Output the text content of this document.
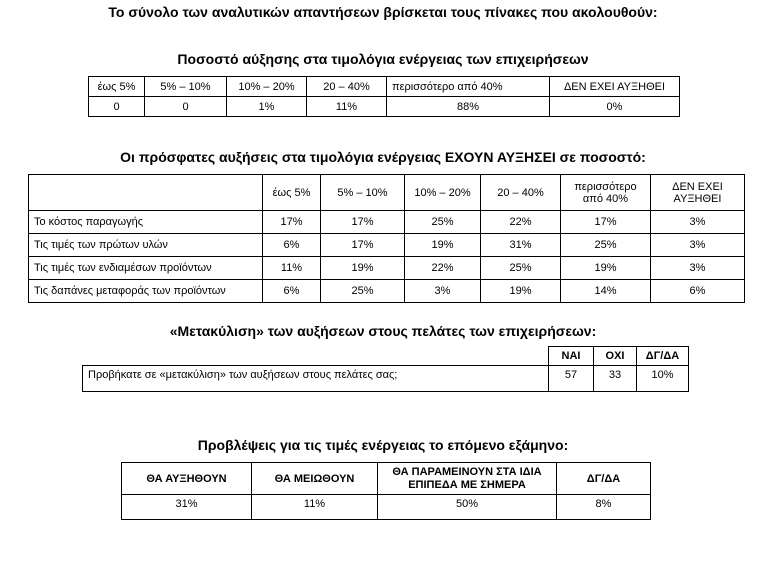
Το σύνολο των αναλυτικών απαντήσεων βρίσκεται τους πίνακες που ακολουθούν:
Ποσοστό αύξησης στα τιμολόγια ενέργειας των επιχειρήσεων
έως 5%	5% – 10%	10% – 20%	20 – 40%	περισσότερο από 40%	ΔΕΝ ΕΧΕΙ ΑΥΞΗΘΕΙ
0	0	1%	11%	88%	0%
Οι πρόσφατες αυξήσεις στα τιμολόγια ενέργειας ΕΧΟΥΝ ΑΥΞΗΣΕΙ σε ποσοστό:
	έως 5%	5% – 10%	10% – 20%	20 – 40%	περισσότερο από 40%	ΔΕΝ ΕΧΕΙ ΑΥΞΗΘΕΙ
Το κόστος παραγωγής	17%	17%	25%	22%	17%	3%
Τις τιμές των πρώτων υλών	6%	17%	19%	31%	25%	3%
Τις τιμές των ενδιαμέσων προϊόντων	11%	19%	22%	25%	19%	3%
Τις δαπάνες μεταφοράς των προϊόντων	6%	25%	3%	19%	14%	6%
«Μετακύλιση» των αυξήσεων στους πελάτες των επιχειρήσεων:
	ΝΑΙ	ΟΧΙ	ΔΓ/ΔΑ
Προβήκατε σε «μετακύλιση» των αυξήσεων στους πελάτες σας;	57	33	10%
Προβλέψεις για τις τιμές ενέργειας το επόμενο εξάμηνο:
ΘΑ ΑΥΞΗΘΟΥΝ	ΘΑ ΜΕΙΩΘΟΥΝ	ΘΑ ΠΑΡΑΜΕΙΝΟΥΝ ΣΤΑ ΙΔΙΑ ΕΠΙΠΕΔΑ ΜΕ ΣΗΜΕΡΑ	ΔΓ/ΔΑ
31%	11%	50%	8%
